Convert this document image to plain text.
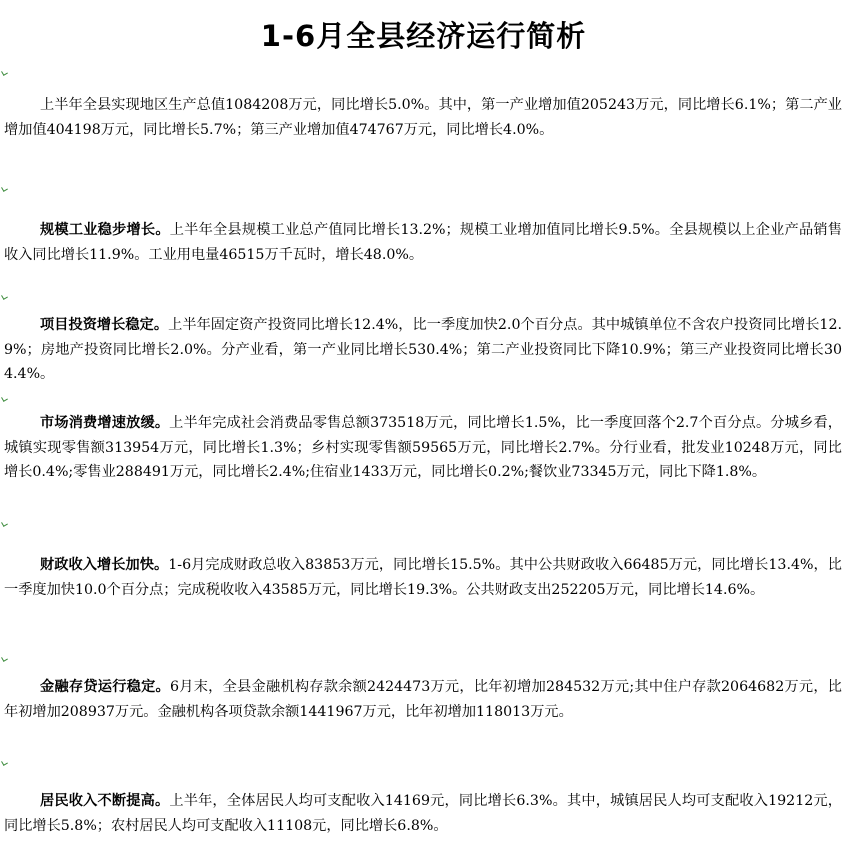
1-6月全县经济运行简析

上半年全县实现地区生产总值1084208万元，同比增长5.0%。其中，第一产业增加值205243万元，同比增长6.1%；第二产业增加值404198万元，同比增长5.7%；第三产业增加值474767万元，同比增长4.0%。

规模工业稳步增长。上半年全县规模工业总产值同比增长13.2%；规模工业增加值同比增长9.5%。全县规模以上企业产品销售收入同比增长11.9%。工业用电量46515万千瓦时，增长48.0%。

项目投资增长稳定。上半年固定资产投资同比增长12.4%，比一季度加快2.0个百分点。其中城镇单位不含农户投资同比增长12.9%；房地产投资同比增长2.0%。分产业看，第一产业同比增长530.4%；第二产业投资同比下降10.9%；第三产业投资同比增长304.4%。

市场消费增速放缓。上半年完成社会消费品零售总额373518万元，同比增长1.5%，比一季度回落个2.7个百分点。分城乡看，城镇实现零售额313954万元，同比增长1.3%；乡村实现零售额59565万元，同比增长2.7%。分行业看，批发业10248万元，同比增长0.4%;零售业288491万元，同比增长2.4%;住宿业1433万元，同比增长0.2%;餐饮业73345万元，同比下降1.8%。

财政收入增长加快。1-6月完成财政总收入83853万元，同比增长15.5%。其中公共财政收入66485万元，同比增长13.4%，比一季度加快10.0个百分点；完成税收收入43585万元，同比增长19.3%。公共财政支出252205万元，同比增长14.6%。

金融存贷运行稳定。6月末，全县金融机构存款余额2424473万元，比年初增加284532万元;其中住户存款2064682万元，比年初增加208937万元。金融机构各项贷款余额1441967万元，比年初增加118013万元。

居民收入不断提高。上半年，全体居民人均可支配收入14169元，同比增长6.3%。其中，城镇居民人均可支配收入19212元，同比增长5.8%；农村居民人均可支配收入11108元，同比增长6.8%。
